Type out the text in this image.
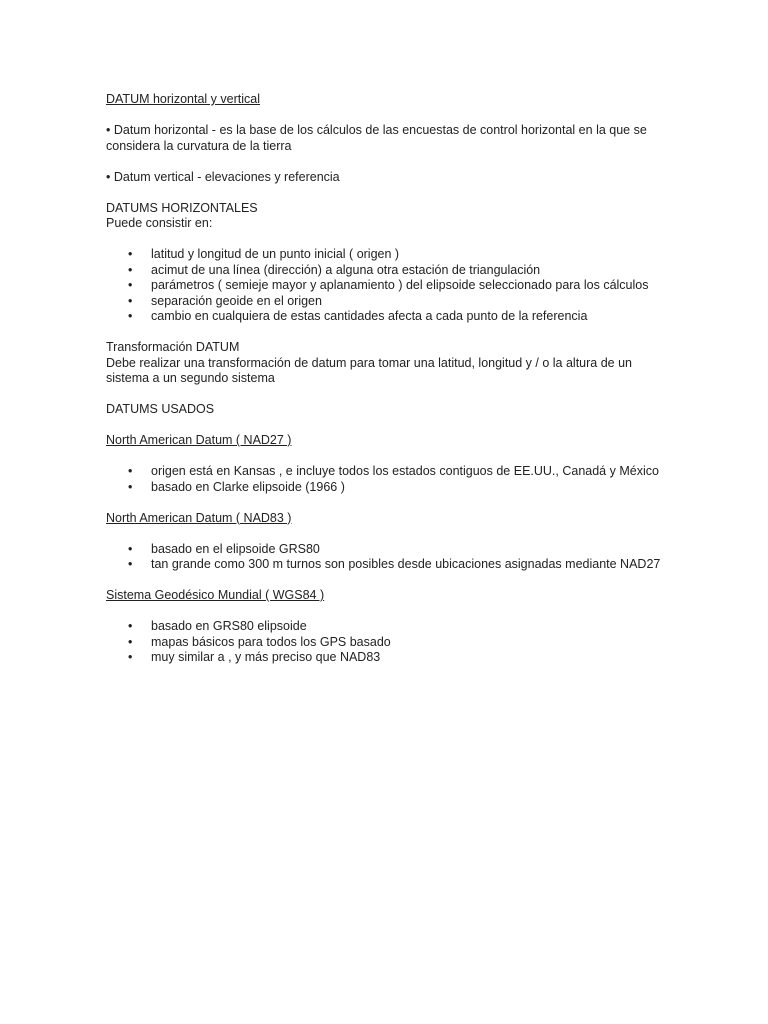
DATUM horizontal y vertical

• Datum horizontal - es la base de los cálculos de las encuestas de control horizontal en la que se considera la curvatura de la tierra

• Datum vertical - elevaciones y referencia

DATUMS HORIZONTALES

Puede consistir en:

• latitud y longitud de un punto inicial ( origen )
• acimut de una línea (dirección) a alguna otra estación de triangulación
• parámetros ( semieje mayor y aplanamiento ) del elipsoide seleccionado para los cálculos
• separación geoide en el origen
• cambio en cualquiera de estas cantidades afecta a cada punto de la referencia

Transformación DATUM

Debe realizar una transformación de datum para tomar una latitud, longitud y / o la altura de un sistema a un segundo sistema

DATUMS USADOS

North American Datum ( NAD27 )

• origen está en Kansas , e incluye todos los estados contiguos de EE.UU., Canadá y México
• basado en Clarke elipsoide (1966 )

North American Datum ( NAD83 )

• basado en el elipsoide GRS80
• tan grande como 300 m turnos son posibles desde ubicaciones asignadas mediante NAD27

Sistema Geodésico Mundial ( WGS84 )

• basado en GRS80 elipsoide
• mapas básicos para todos los GPS basado
• muy similar a , y más preciso que NAD83
